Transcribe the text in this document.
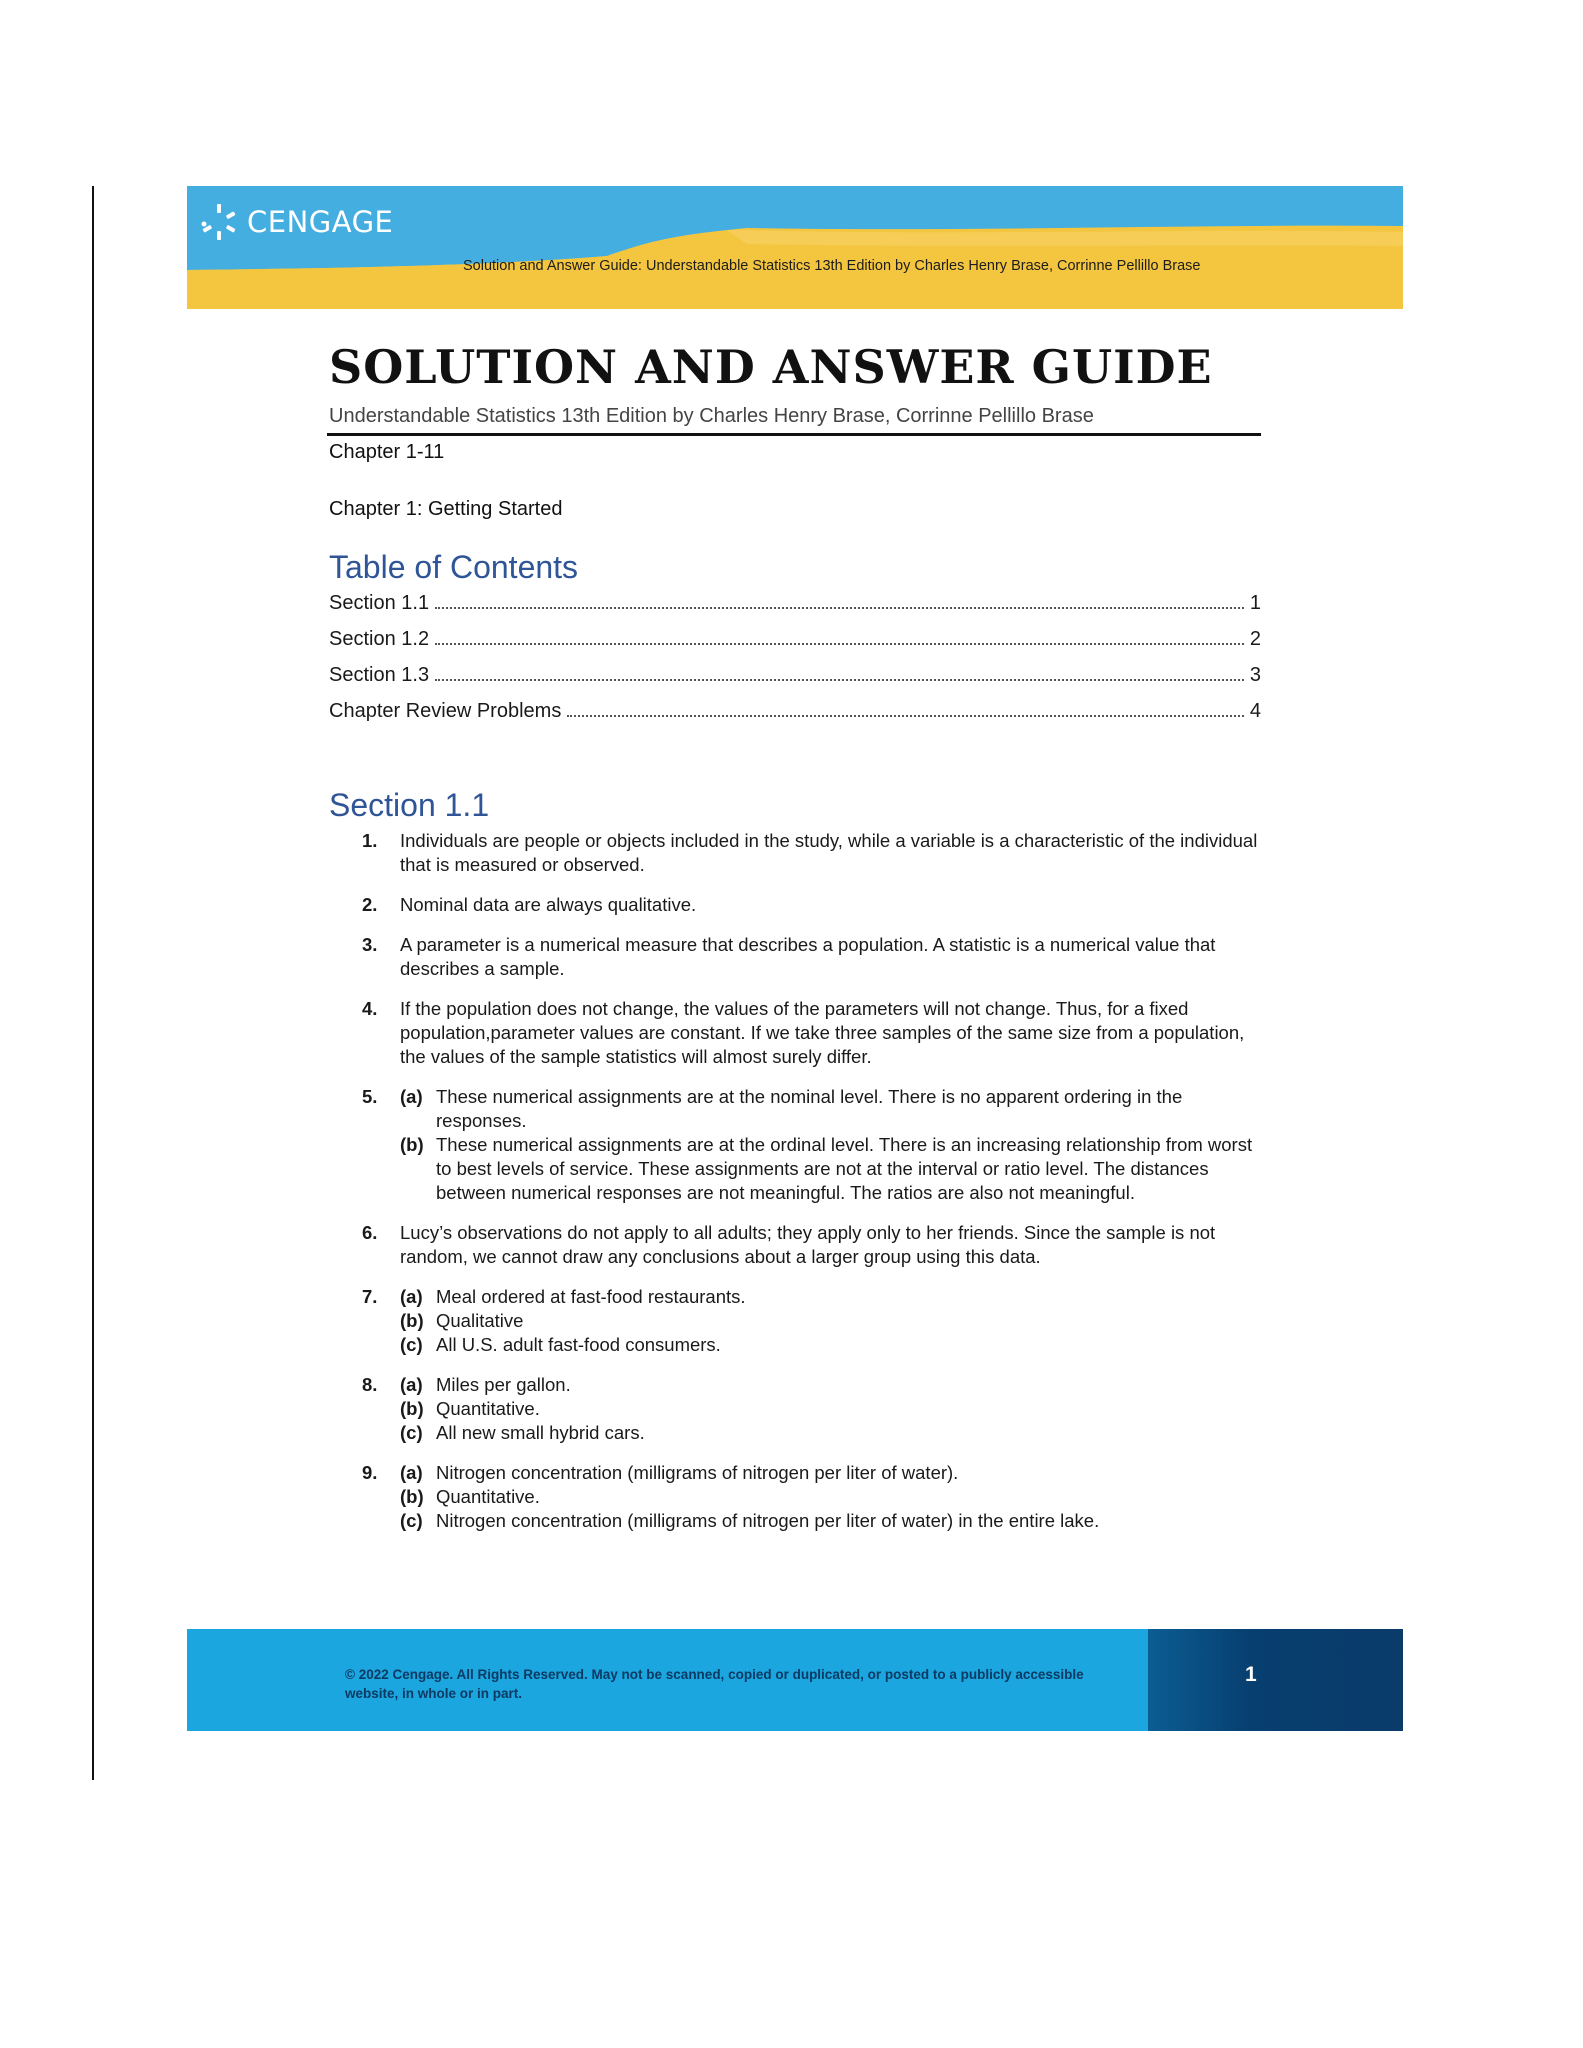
CENGAGE
Solution and Answer Guide: Understandable Statistics 13th Edition by Charles Henry Brase, Corrinne Pellillo Brase
SOLUTION AND ANSWER GUIDE
Understandable Statistics 13th Edition by Charles Henry Brase, Corrinne Pellillo Brase
Chapter 1-11
Chapter 1: Getting Started
Table of Contents
Section 1.1	1
Section 1.2	2
Section 1.3	3
Chapter Review Problems	4
Section 1.1
1.	Individuals are people or objects included in the study, while a variable is a characteristic of the individual that is measured or observed.
2.	Nominal data are always qualitative.
3.	A parameter is a numerical measure that describes a population. A statistic is a numerical value that describes a sample.
4.	If the population does not change, the values of the parameters will not change. Thus, for a fixed population,parameter values are constant. If we take three samples of the same size from a population, the values of the sample statistics will almost surely differ.
5.	(a) These numerical assignments are at the nominal level. There is no apparent ordering in the responses.
(b) These numerical assignments are at the ordinal level. There is an increasing relationship from worst to best levels of service. These assignments are not at the interval or ratio level. The distances between numerical responses are not meaningful. The ratios are also not meaningful.
6.	Lucy’s observations do not apply to all adults; they apply only to her friends. Since the sample is not random, we cannot draw any conclusions about a larger group using this data.
7.	(a) Meal ordered at fast-food restaurants.
(b) Qualitative
(c) All U.S. adult fast-food consumers.
8.	(a) Miles per gallon.
(b) Quantitative.
(c) All new small hybrid cars.
9.	(a) Nitrogen concentration (milligrams of nitrogen per liter of water).
(b) Quantitative.
(c) Nitrogen concentration (milligrams of nitrogen per liter of water) in the entire lake.
© 2022 Cengage. All Rights Reserved. May not be scanned, copied or duplicated, or posted to a publicly accessible website, in whole or in part.
1
